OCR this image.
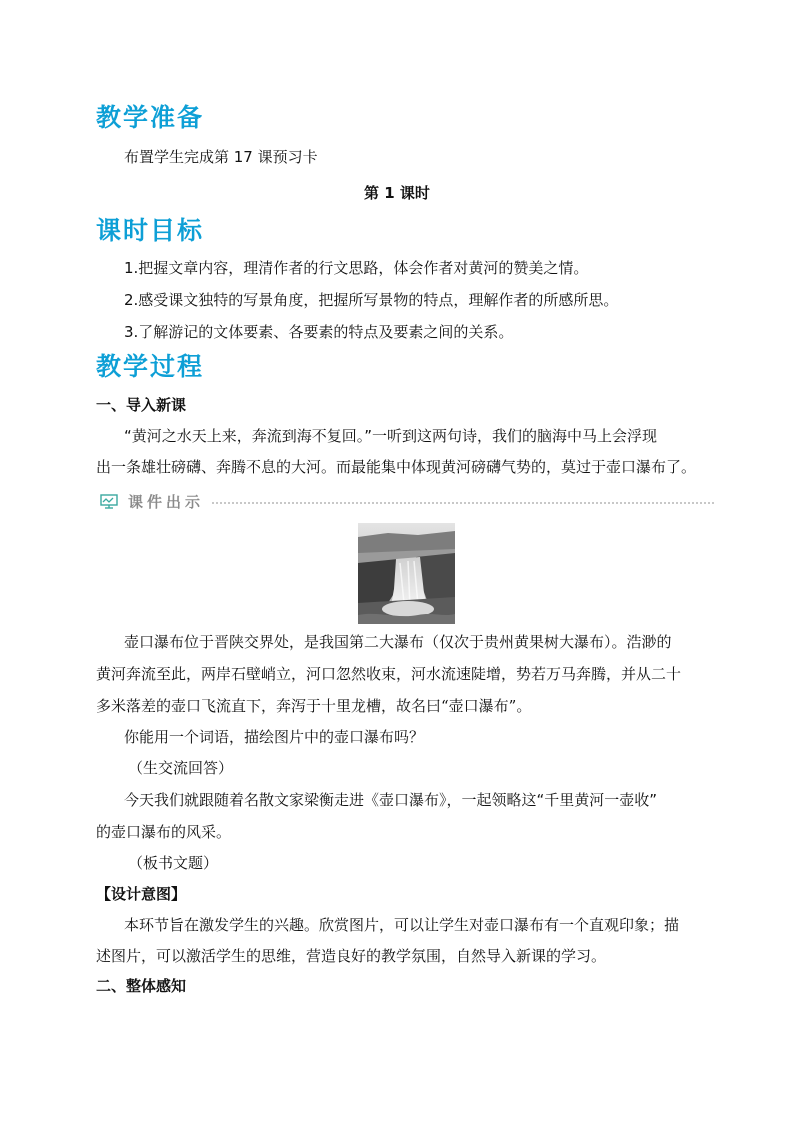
教学准备

布置学生完成第 17 课预习卡

第 1 课时

课时目标

1.把握文章内容，理清作者的行文思路，体会作者对黄河的赞美之情。

2.感受课文独特的写景角度，把握所写景物的特点，理解作者的所感所思。

3.了解游记的文体要素、各要素的特点及要素之间的关系。

教学过程

一、导入新课

“黄河之水天上来，奔流到海不复回。”一听到这两句诗，我们的脑海中马上会浮现

出一条雄壮磅礴、奔腾不息的大河。而最能集中体现黄河磅礴气势的，莫过于壶口瀑布了。

课件出示

壶口瀑布位于晋陕交界处，是我国第二大瀑布（仅次于贵州黄果树大瀑布）。浩渺的

黄河奔流至此，两岸石壁峭立，河口忽然收束，河水流速陡增，势若万马奔腾，并从二十

多米落差的壶口飞流直下，奔泻于十里龙槽，故名曰“壶口瀑布”。

你能用一个词语，描绘图片中的壶口瀑布吗？

（生交流回答）

今天我们就跟随着名散文家梁衡走进《壶口瀑布》，一起领略这“千里黄河一壶收”

的壶口瀑布的风采。

（板书文题）

【设计意图】

本环节旨在激发学生的兴趣。欣赏图片，可以让学生对壶口瀑布有一个直观印象；描

述图片，可以激活学生的思维，营造良好的教学氛围，自然导入新课的学习。

二、整体感知
